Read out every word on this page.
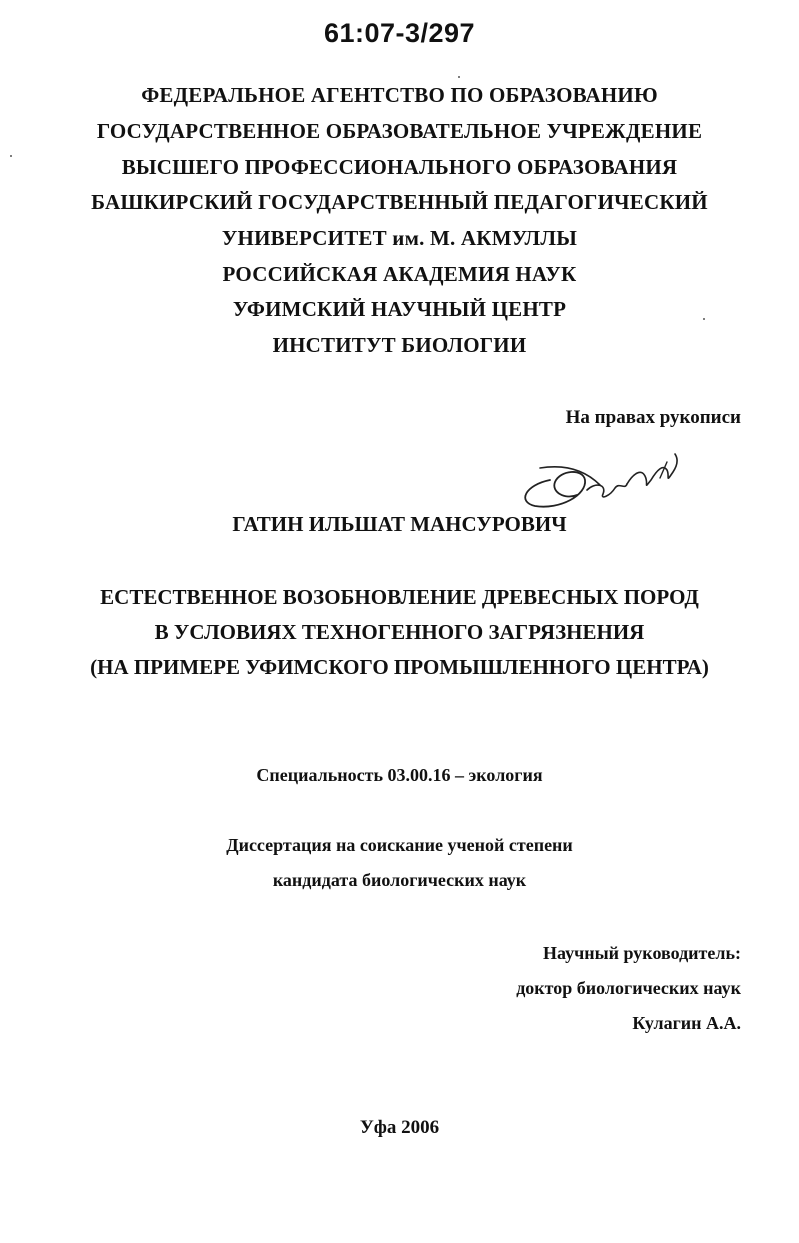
61:07-3/297
ФЕДЕРАЛЬНОЕ АГЕНТСТВО ПО ОБРАЗОВАНИЮ
ГОСУДАРСТВЕННОЕ ОБРАЗОВАТЕЛЬНОЕ УЧРЕЖДЕНИЕ
ВЫСШЕГО ПРОФЕССИОНАЛЬНОГО ОБРАЗОВАНИЯ
БАШКИРСКИЙ ГОСУДАРСТВЕННЫЙ ПЕДАГОГИЧЕСКИЙ
УНИВЕРСИТЕТ им. М. АКМУЛЛЫ
РОССИЙСКАЯ АКАДЕМИЯ НАУК
УФИМСКИЙ НАУЧНЫЙ ЦЕНТР
ИНСТИТУТ БИОЛОГИИ
На правах рукописи
ГАТИН ИЛЬШАТ МАНСУРОВИЧ
ЕСТЕСТВЕННОЕ ВОЗОБНОВЛЕНИЕ ДРЕВЕСНЫХ ПОРОД
В УСЛОВИЯХ ТЕХНОГЕННОГО ЗАГРЯЗНЕНИЯ
(НА ПРИМЕРЕ УФИМСКОГО ПРОМЫШЛЕННОГО ЦЕНТРА)
Специальность 03.00.16 – экология
Диссертация на соискание ученой степени
кандидата биологических наук
Научный руководитель:
доктор биологических наук
Кулагин А.А.
Уфа 2006
